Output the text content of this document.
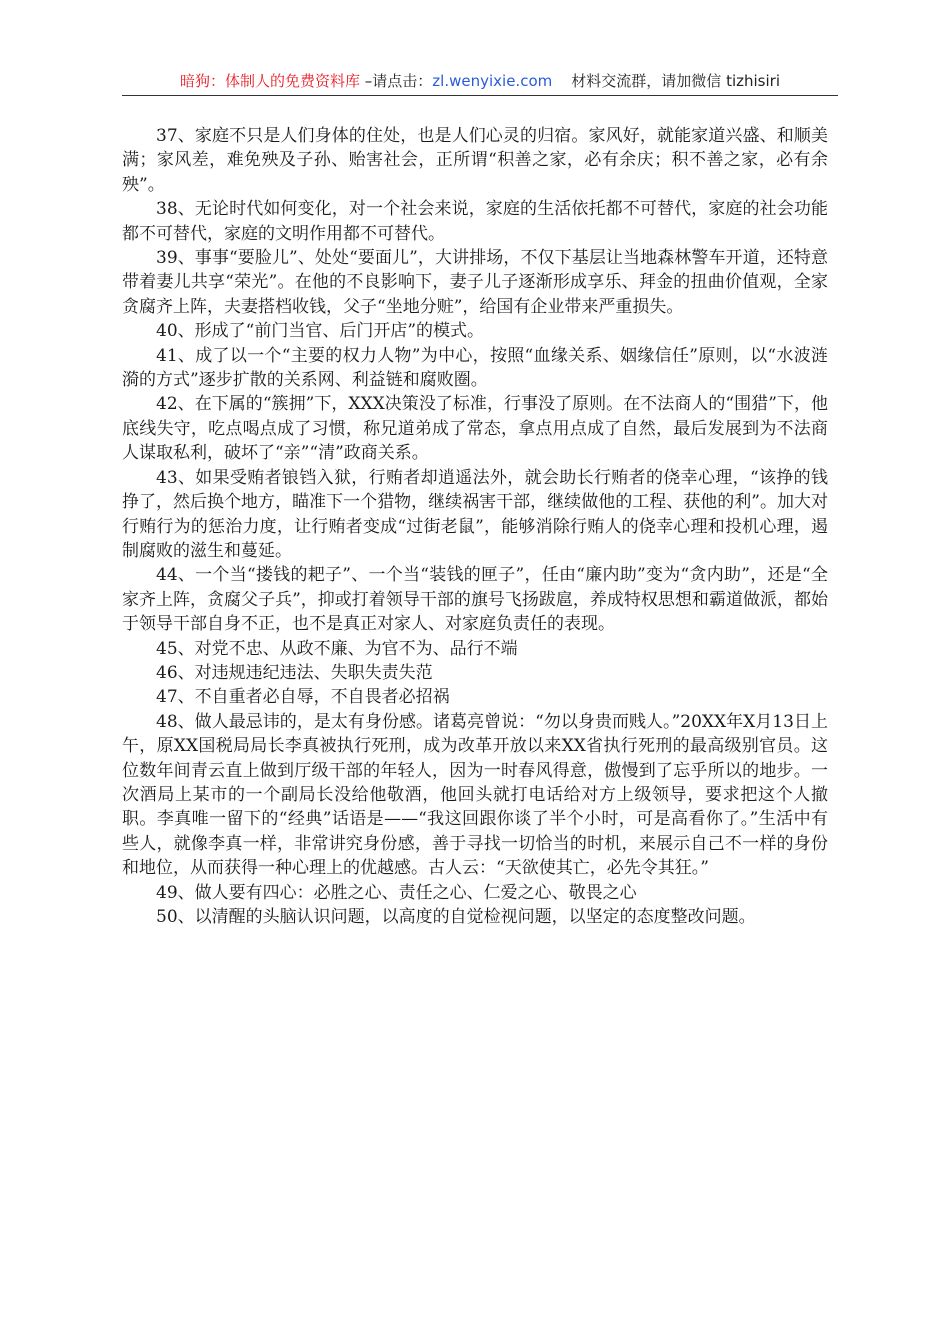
暗狗：体制人的免费资料库 –请点击：zl.wenyixie.com    材料交流群，请加微信 tizhisiri

37、家庭不只是人们身体的住处，也是人们心灵的归宿。家风好，就能家道兴盛、和顺美满；家风差，难免殃及子孙、贻害社会，正所谓“积善之家，必有余庆；积不善之家，必有余殃”。

38、无论时代如何变化，对一个社会来说，家庭的生活依托都不可替代，家庭的社会功能都不可替代，家庭的文明作用都不可替代。

39、事事“要脸儿”、处处“要面儿”，大讲排场，不仅下基层让当地森林警车开道，还特意带着妻儿共享“荣光”。在他的不良影响下，妻子儿子逐渐形成享乐、拜金的扭曲价值观，全家贪腐齐上阵，夫妻搭档收钱，父子“坐地分赃”，给国有企业带来严重损失。

40、形成了“前门当官、后门开店”的模式。

41、成了以一个“主要的权力人物”为中心，按照“血缘关系、姻缘信任”原则，以“水波涟漪的方式”逐步扩散的关系网、利益链和腐败圈。

42、在下属的“簇拥”下，XXX决策没了标准，行事没了原则。在不法商人的“围猎”下，他底线失守，吃点喝点成了习惯，称兄道弟成了常态，拿点用点成了自然，最后发展到为不法商人谋取私利，破坏了“亲”“清”政商关系。

43、如果受贿者锒铛入狱，行贿者却逍遥法外，就会助长行贿者的侥幸心理，“该挣的钱挣了，然后换个地方，瞄准下一个猎物，继续祸害干部，继续做他的工程、获他的利”。加大对行贿行为的惩治力度，让行贿者变成“过街老鼠”，能够消除行贿人的侥幸心理和投机心理，遏制腐败的滋生和蔓延。

44、一个当“搂钱的耙子”、一个当“装钱的匣子”，任由“廉内助”变为“贪内助”，还是“全家齐上阵，贪腐父子兵”，抑或打着领导干部的旗号飞扬跋扈，养成特权思想和霸道做派，都始于领导干部自身不正，也不是真正对家人、对家庭负责任的表现。

45、对党不忠、从政不廉、为官不为、品行不端

46、对违规违纪违法、失职失责失范

47、不自重者必自辱，不自畏者必招祸

48、做人最忌讳的，是太有身份感。诸葛亮曾说：“勿以身贵而贱人。”20XX年X月13日上午，原XX国税局局长李真被执行死刑，成为改革开放以来XX省执行死刑的最高级别官员。这位数年间青云直上做到厅级干部的年轻人，因为一时春风得意，傲慢到了忘乎所以的地步。一次酒局上某市的一个副局长没给他敬酒，他回头就打电话给对方上级领导，要求把这个人撤职。李真唯一留下的“经典”话语是——“我这回跟你谈了半个小时，可是高看你了。”生活中有些人，就像李真一样，非常讲究身份感，善于寻找一切恰当的时机，来展示自己不一样的身份和地位，从而获得一种心理上的优越感。古人云：“天欲使其亡，必先令其狂。”

49、做人要有四心：必胜之心、责任之心、仁爱之心、敬畏之心

50、以清醒的头脑认识问题，以高度的自觉检视问题，以坚定的态度整改问题。
